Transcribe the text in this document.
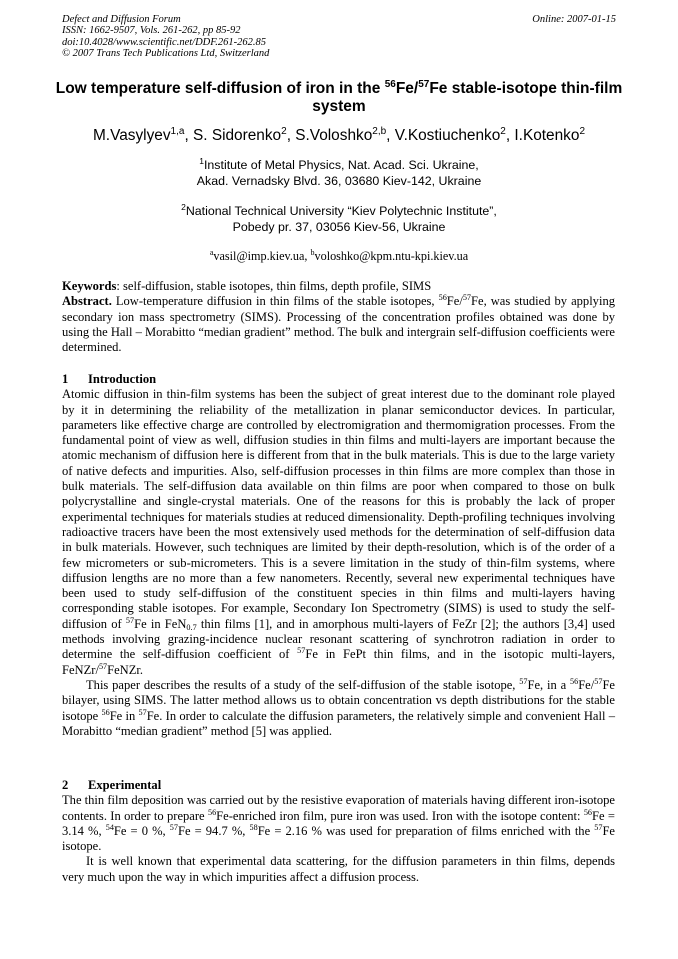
Defect and Diffusion Forum
ISSN: 1662-9507, Vols. 261-262, pp 85-92
doi:10.4028/www.scientific.net/DDF.261-262.85
© 2007 Trans Tech Publications Ltd, Switzerland
Online: 2007-01-15
Low temperature self-diffusion of iron in the $^{56}$Fe/$^{57}$Fe stable-isotope thin-film system
M.Vasylyev$^{1,a}$, S. Sidorenko$^2$, S.Voloshko$^{2,b}$, V.Kostiuchenko$^2$, I.Kotenko$^2$
$^1$Institute of Metal Physics, Nat. Acad. Sci. Ukraine,
Akad. Vernadsky Blvd. 36, 03680 Kiev-142, Ukraine
$^2$National Technical University “Kiev Polytechnic Institute”,
Pobedy pr. 37, 03056 Kiev-56, Ukraine
$^a$vasil@imp.kiev.ua, $^b$voloshko@kpm.ntu-kpi.kiev.ua

Keywords: self-diffusion, stable isotopes, thin films, depth profile, SIMS

Abstract. Low-temperature diffusion in thin films of the stable isotopes, $^{56}$Fe/$^{57}$Fe, was studied by applying secondary ion mass spectrometry (SIMS). Processing of the concentration profiles obtained was done by using the Hall – Morabitto “median gradient” method. The bulk and intergrain self-diffusion coefficients were determined.

1 Introduction

Atomic diffusion in thin-film systems has been the subject of great interest due to the dominant role played by it in determining the reliability of the metallization in planar semiconductor devices. In particular, parameters like effective charge are controlled by electromigration and thermomigration processes. From the fundamental point of view as well, diffusion studies in thin films and multi-layers are important because the atomic mechanism of diffusion here is different from that in the bulk materials. This is due to the large variety of native defects and impurities. Also, self-diffusion processes in thin films are more complex than those in bulk materials. The self-diffusion data available on thin films are poor when compared to those on bulk polycrystalline and single-crystal materials. One of the reasons for this is probably the lack of proper experimental techniques for materials studies at reduced dimensionality. Depth-profiling techniques involving radioactive tracers have been the most extensively used methods for the determination of self-diffusion data in bulk materials. However, such techniques are limited by their depth-resolution, which is of the order of a few micrometers or sub-micrometers. This is a severe limitation in the study of thin-film systems, where diffusion lengths are no more than a few nanometers. Recently, several new experimental techniques have been used to study self-diffusion of the constituent species in thin films and multi-layers having corresponding stable isotopes. For example, Secondary Ion Spectrometry (SIMS) is used to study the self-diffusion of $^{57}$Fe in FeN$_{0.7}$ thin films [1], and in amorphous multi-layers of FeZr [2]; the authors [3,4] used methods involving grazing-incidence nuclear resonant scattering of synchrotron radiation in order to determine the self-diffusion coefficient of $^{57}$Fe in FePt thin films, and in the isotopic multi-layers, FeNZr/$^{57}$FeNZr.

This paper describes the results of a study of the self-diffusion of the stable isotope, $^{57}$Fe, in a $^{56}$Fe/$^{57}$Fe bilayer, using SIMS. The latter method allows us to obtain concentration vs depth distributions for the stable isotope $^{56}$Fe in $^{57}$Fe. In order to calculate the diffusion parameters, the relatively simple and convenient Hall – Morabitto “median gradient” method [5] was applied.

2 Experimental

The thin film deposition was carried out by the resistive evaporation of materials having different iron-isotope contents. In order to prepare $^{56}$Fe-enriched iron film, pure iron was used. Iron with the isotope content: $^{56}$Fe = 3.14 %, $^{54}$Fe = 0 %, $^{57}$Fe = 94.7 %, $^{58}$Fe = 2.16 % was used for preparation of films enriched with the $^{57}$Fe isotope.

It is well known that experimental data scattering, for the diffusion parameters in thin films, depends very much upon the way in which impurities affect a diffusion process.
